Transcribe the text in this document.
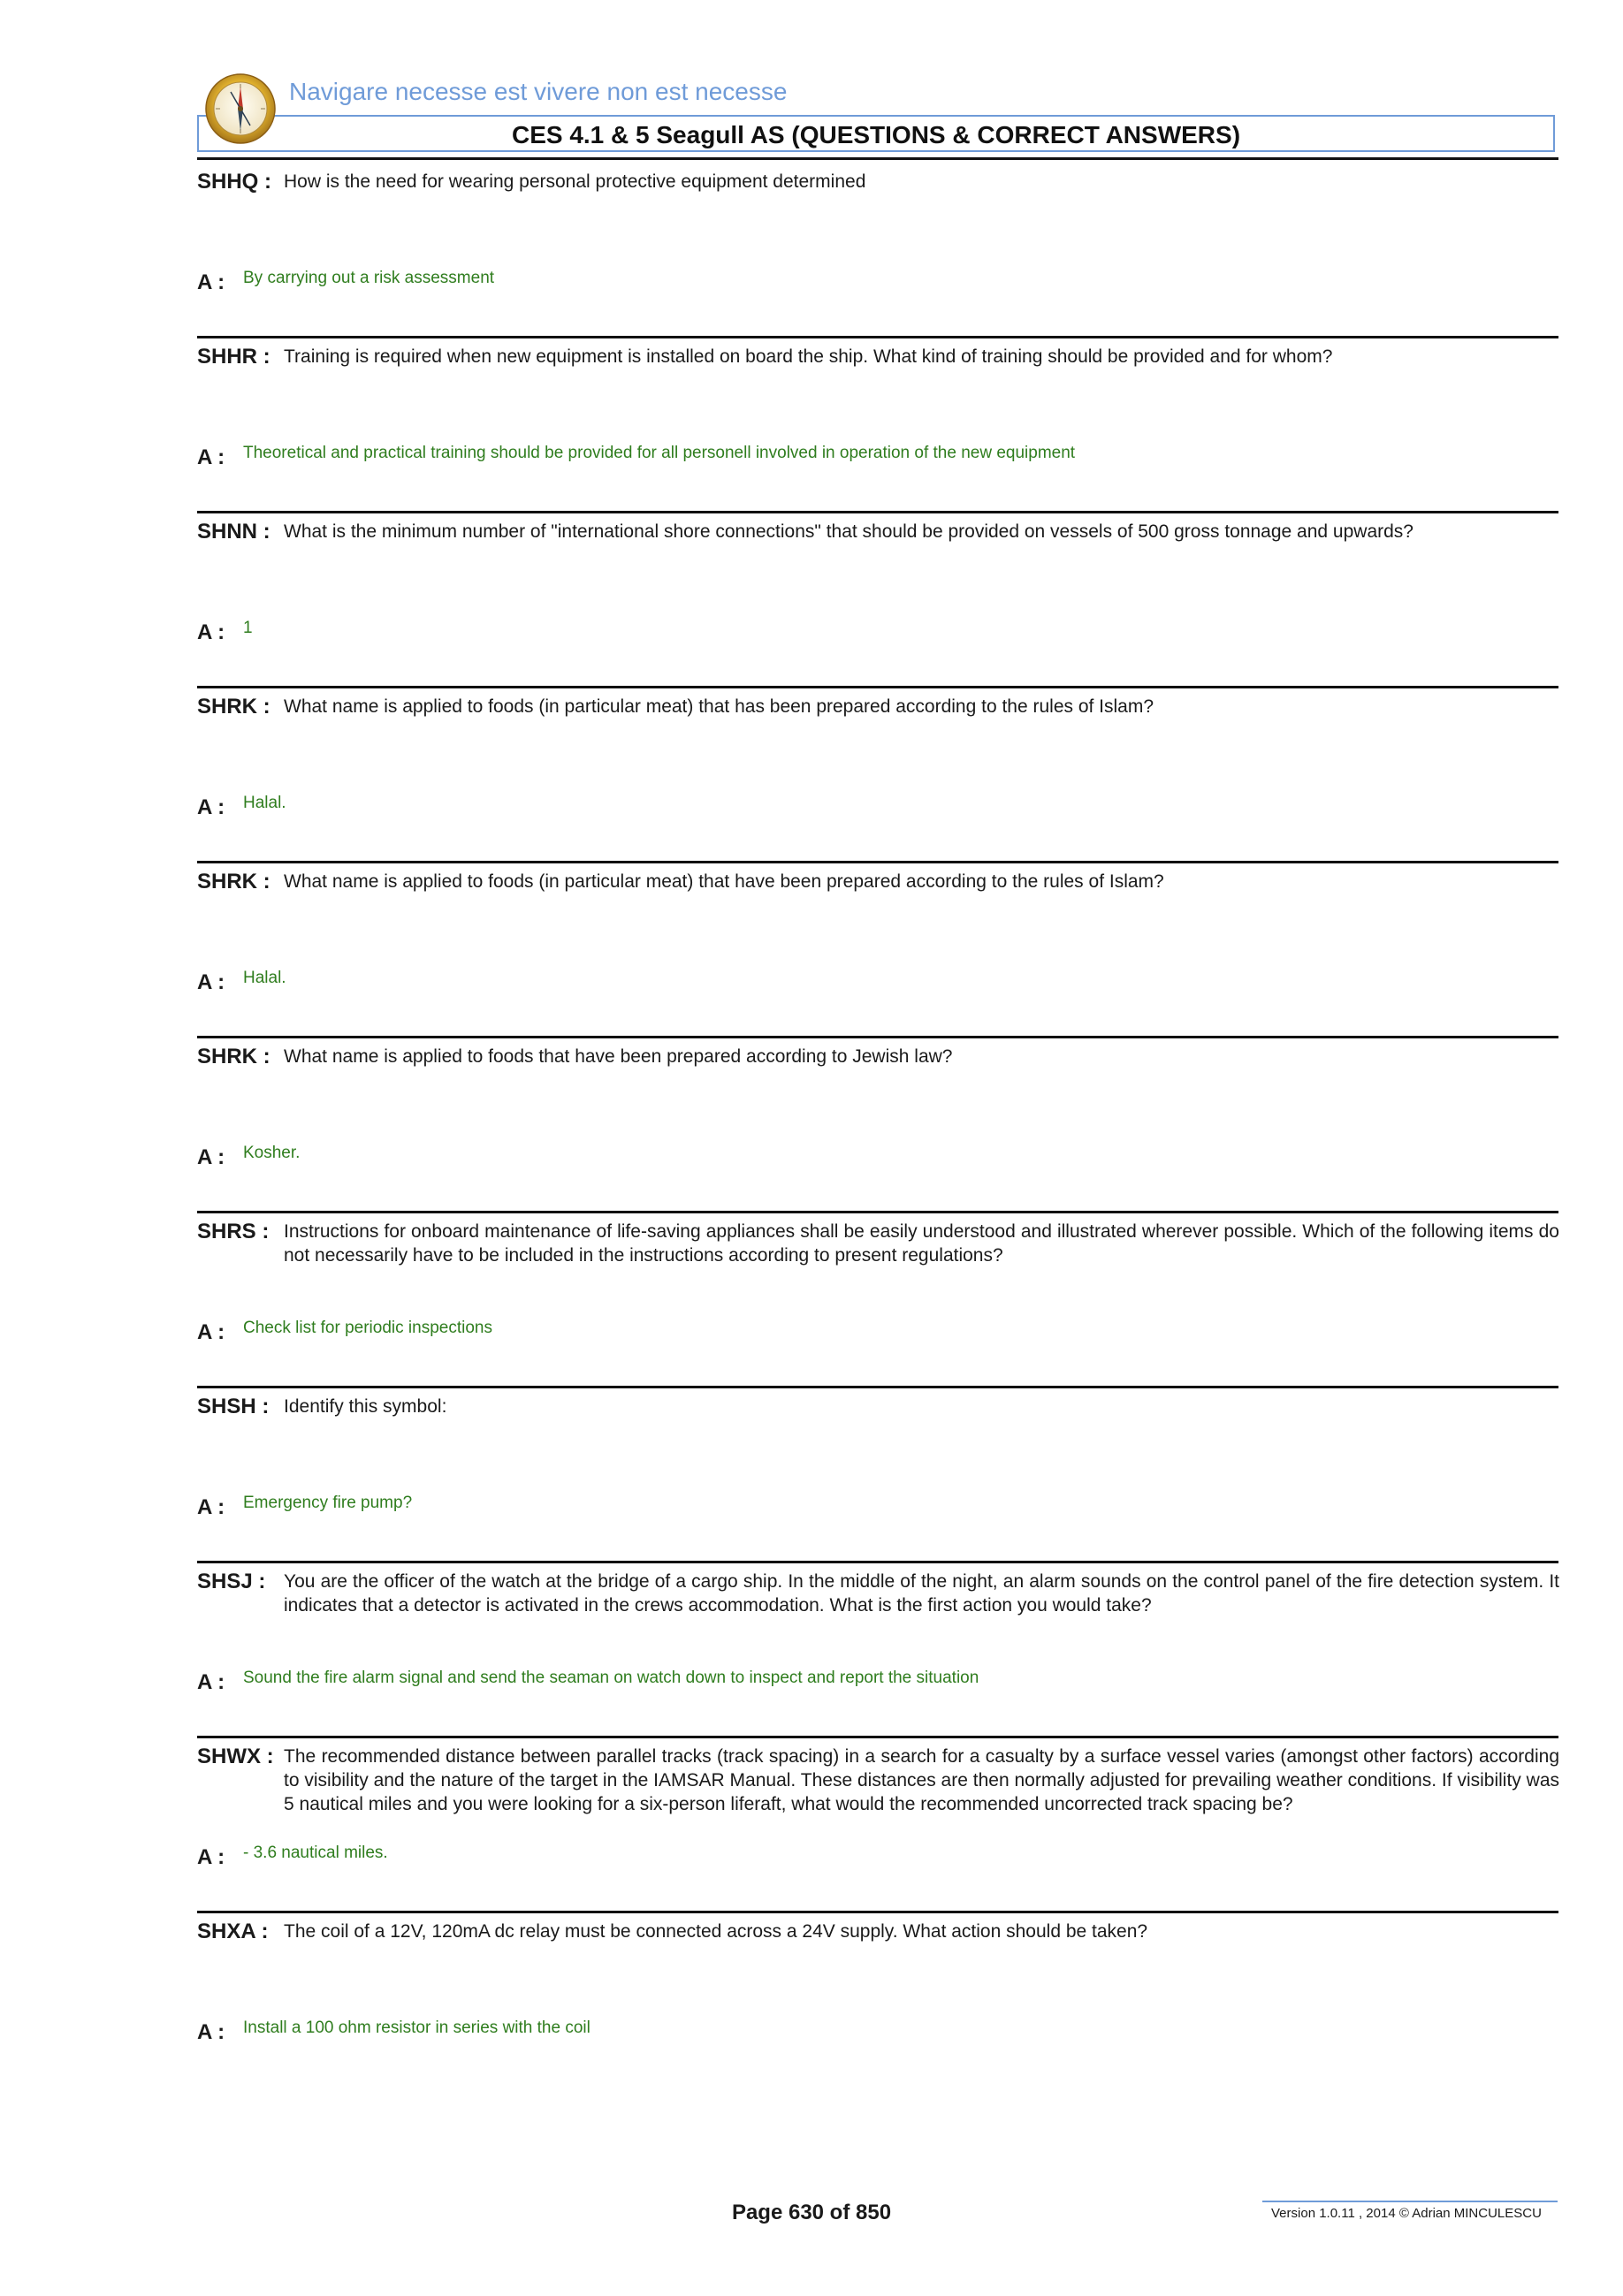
Navigare necesse est vivere non est necesse
CES 4.1 & 5 Seagull AS (QUESTIONS & CORRECT ANSWERS)
SHHQ : How is the need for wearing personal protective equipment determined
A : By carrying out a risk assessment
SHHR : Training is required when new equipment is installed on board the ship. What kind of training should be provided and for whom?
A : Theoretical and practical training should be provided for all personell involved in operation of the new equipment
SHNN : What is the minimum number of "international shore connections" that should be provided on vessels of 500 gross tonnage and upwards?
A : 1
SHRK : What name is applied to foods (in particular meat) that has been prepared according to the rules of Islam?
A : Halal.
SHRK : What name is applied to foods (in particular meat) that have been prepared according to the rules of Islam?
A : Halal.
SHRK : What name is applied to foods that have been prepared according to Jewish law?
A : Kosher.
SHRS : Instructions for onboard maintenance of life-saving appliances shall be easily understood and illustrated wherever possible. Which of the following items do not necessarily have to be included in the instructions according to present regulations?
A : Check list for periodic inspections
SHSH : Identify this symbol:
A : Emergency fire pump?
SHSJ : You are the officer of the watch at the bridge of a cargo ship. In the middle of the night, an alarm sounds on the control panel of the fire detection system. It indicates that a detector is activated in the crews accommodation. What is the first action you would take?
A : Sound the fire alarm signal and send the seaman on watch down to inspect and report the situation
SHWX : The recommended distance between parallel tracks (track spacing) in a search for a casualty by a surface vessel varies (amongst other factors) according to visibility and the nature of the target in the IAMSAR Manual. These distances are then normally adjusted for prevailing weather conditions. If visibility was 5 nautical miles and you were looking for a six-person liferaft, what would the recommended uncorrected track spacing be?
A : - 3.6 nautical miles.
SHXA : The coil of a 12V, 120mA dc relay must be connected across a 24V supply. What action should be taken?
A : Install a 100 ohm resistor in series with the coil
Page 630 of 850	Version 1.0.11 , 2014 © Adrian MINCULESCU
